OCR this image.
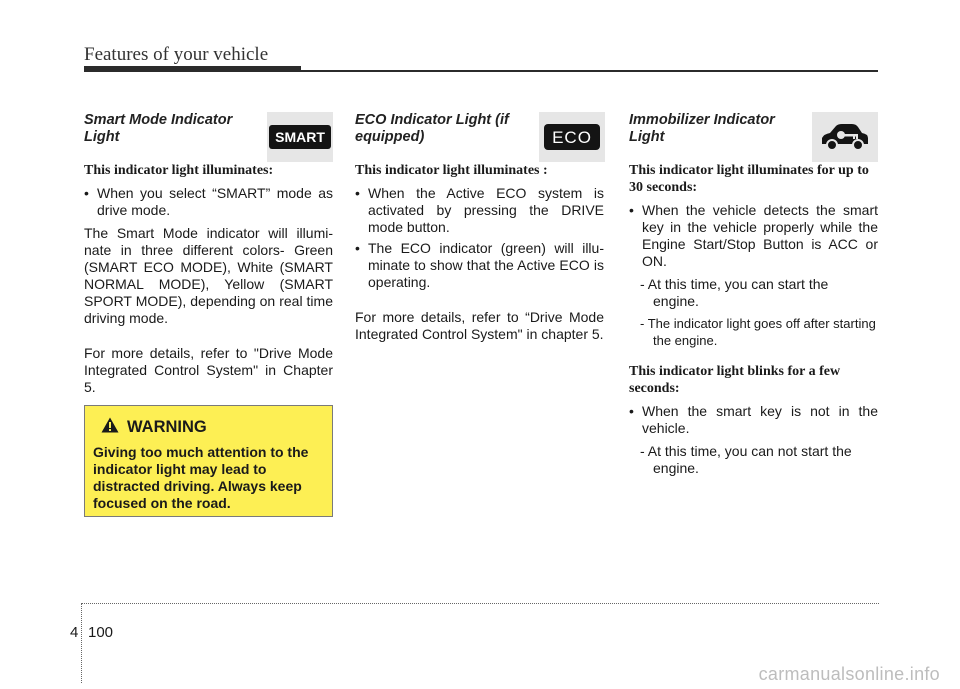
Features of your vehicle
Smart Mode Indicator Light	SMART
This indicator light illuminates:
• When you select “SMART” mode as drive mode.

The Smart Mode indicator will illumi-nate in three different colors- Green (SMART ECO MODE), White (SMART NORMAL MODE), Yellow (SMART SPORT MODE), depending on real time driving mode.

For more details, refer to "Drive Mode Integrated Control System" in Chapter 5.

WARNING
Giving too much attention to the indicator light may lead to distracted driving. Always keep focused on the road.
ECO Indicator Light (if equipped)	ECO
This indicator light illuminates :
• When the Active ECO system is activated by pressing the DRIVE mode button.
• The ECO indicator (green) will illu-minate to show that the Active ECO is operating.

For more details, refer to “Drive Mode Integrated Control System" in chapter 5.

Immobilizer Indicator Light
This indicator light illuminates for up to 30 seconds:
• When the vehicle detects the smart key in the vehicle properly while the Engine Start/Stop Button is ACC or ON.
- At this time, you can start the engine.
- The indicator light goes off after starting the engine.
This indicator light blinks for a few seconds:
• When the smart key is not in the vehicle.
- At this time, you can not start the engine.
4 100
carmanualsonline.info
